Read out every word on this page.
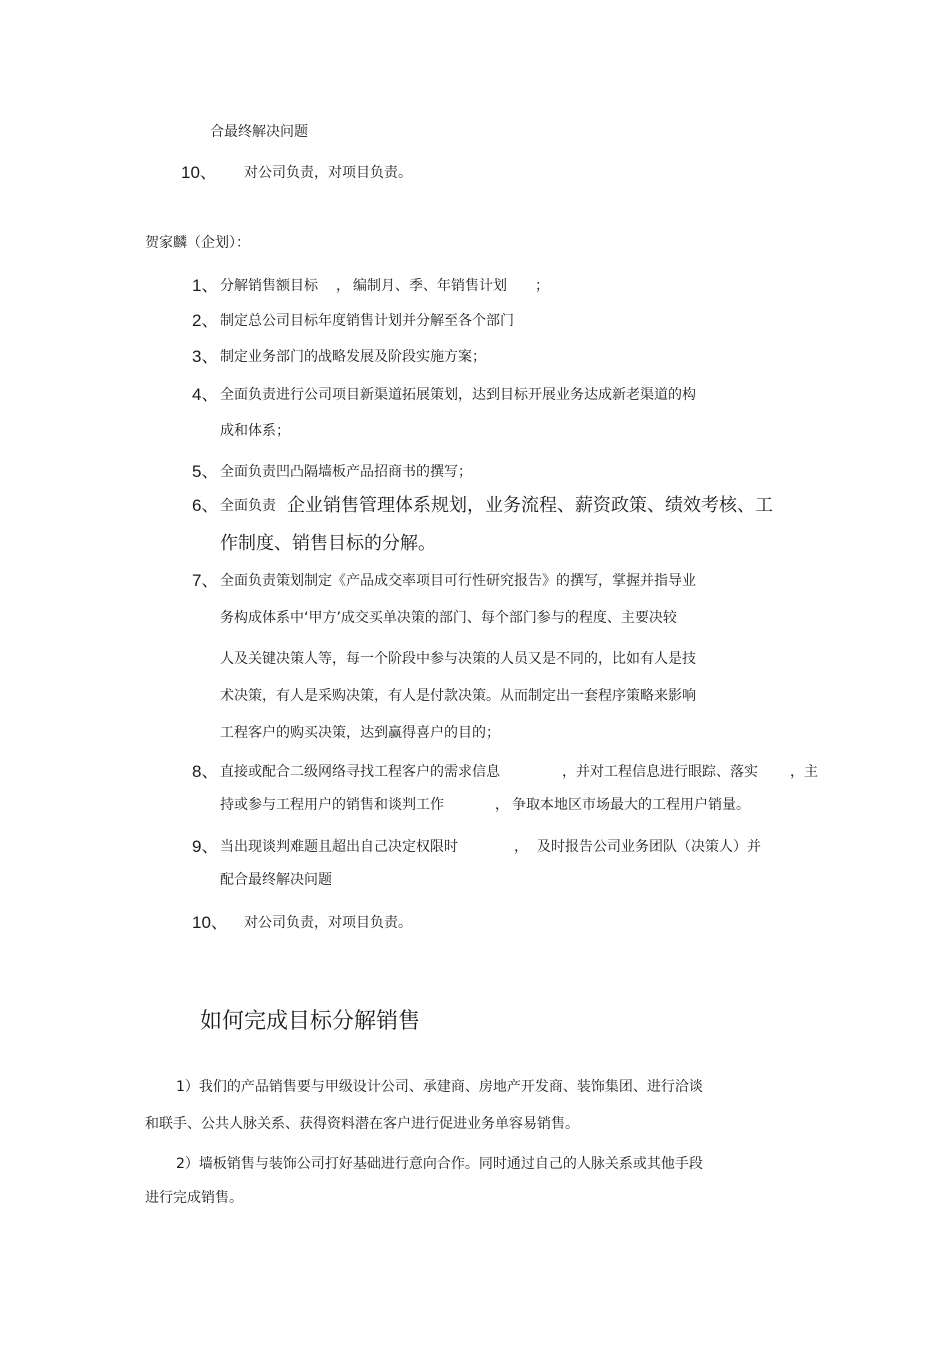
合最终解决问题
10、 对公司负责，对项目负责。
贺家麟（企划）：
1、 分解销售额目标 ， 编制月、季、年销售计划 ；
2、 制定总公司目标年度销售计划并分解至各个部门
3、 制定业务部门的战略发展及阶段实施方案；
4、 全面负责进行公司项目新渠道拓展策划，达到目标开展业务达成新老渠道的构
成和体系；
5、 全面负责凹凸隔墙板产品招商书的撰写；
6、 全面负责 企业销售管理体系规划，业务流程、薪资政策、绩效考核、工
作制度、销售目标的分解。
7、 全面负责策划制定《产品成交率项目可行性研究报告》的撰写，掌握并指导业
务构成体系中‘甲方’成交买单决策的部门、每个部门参与的程度、主要决较
人及关键决策人等，每一个阶段中参与决策的人员又是不同的，比如有人是技
术决策，有人是采购决策，有人是付款决策。从而制定出一套程序策略来影响
工程客户的购买决策，达到赢得喜户的目的；
8、 直接或配合二级网络寻找工程客户的需求信息	，并对工程信息进行眼踪、落实 ，主
持或参与工程用户的销售和谈判工作	， 争取本地区市场最大的工程用户销量。
9、 当出现谈判难题且超出自己决定权限时	， 及时报告公司业务团队（决策人）并
配合最终解决问题
10、 对公司负责，对项目负责。
如何完成目标分解销售
1）我们的产品销售要与甲级设计公司、承建商、房地产开发商、装饰集团、进行洽谈
和联手、公共人脉关系、获得资料潜在客户进行促进业务单容易销售。
2）墙板销售与装饰公司打好基础进行意向合作。同时通过自己的人脉关系或其他手段
进行完成销售。
